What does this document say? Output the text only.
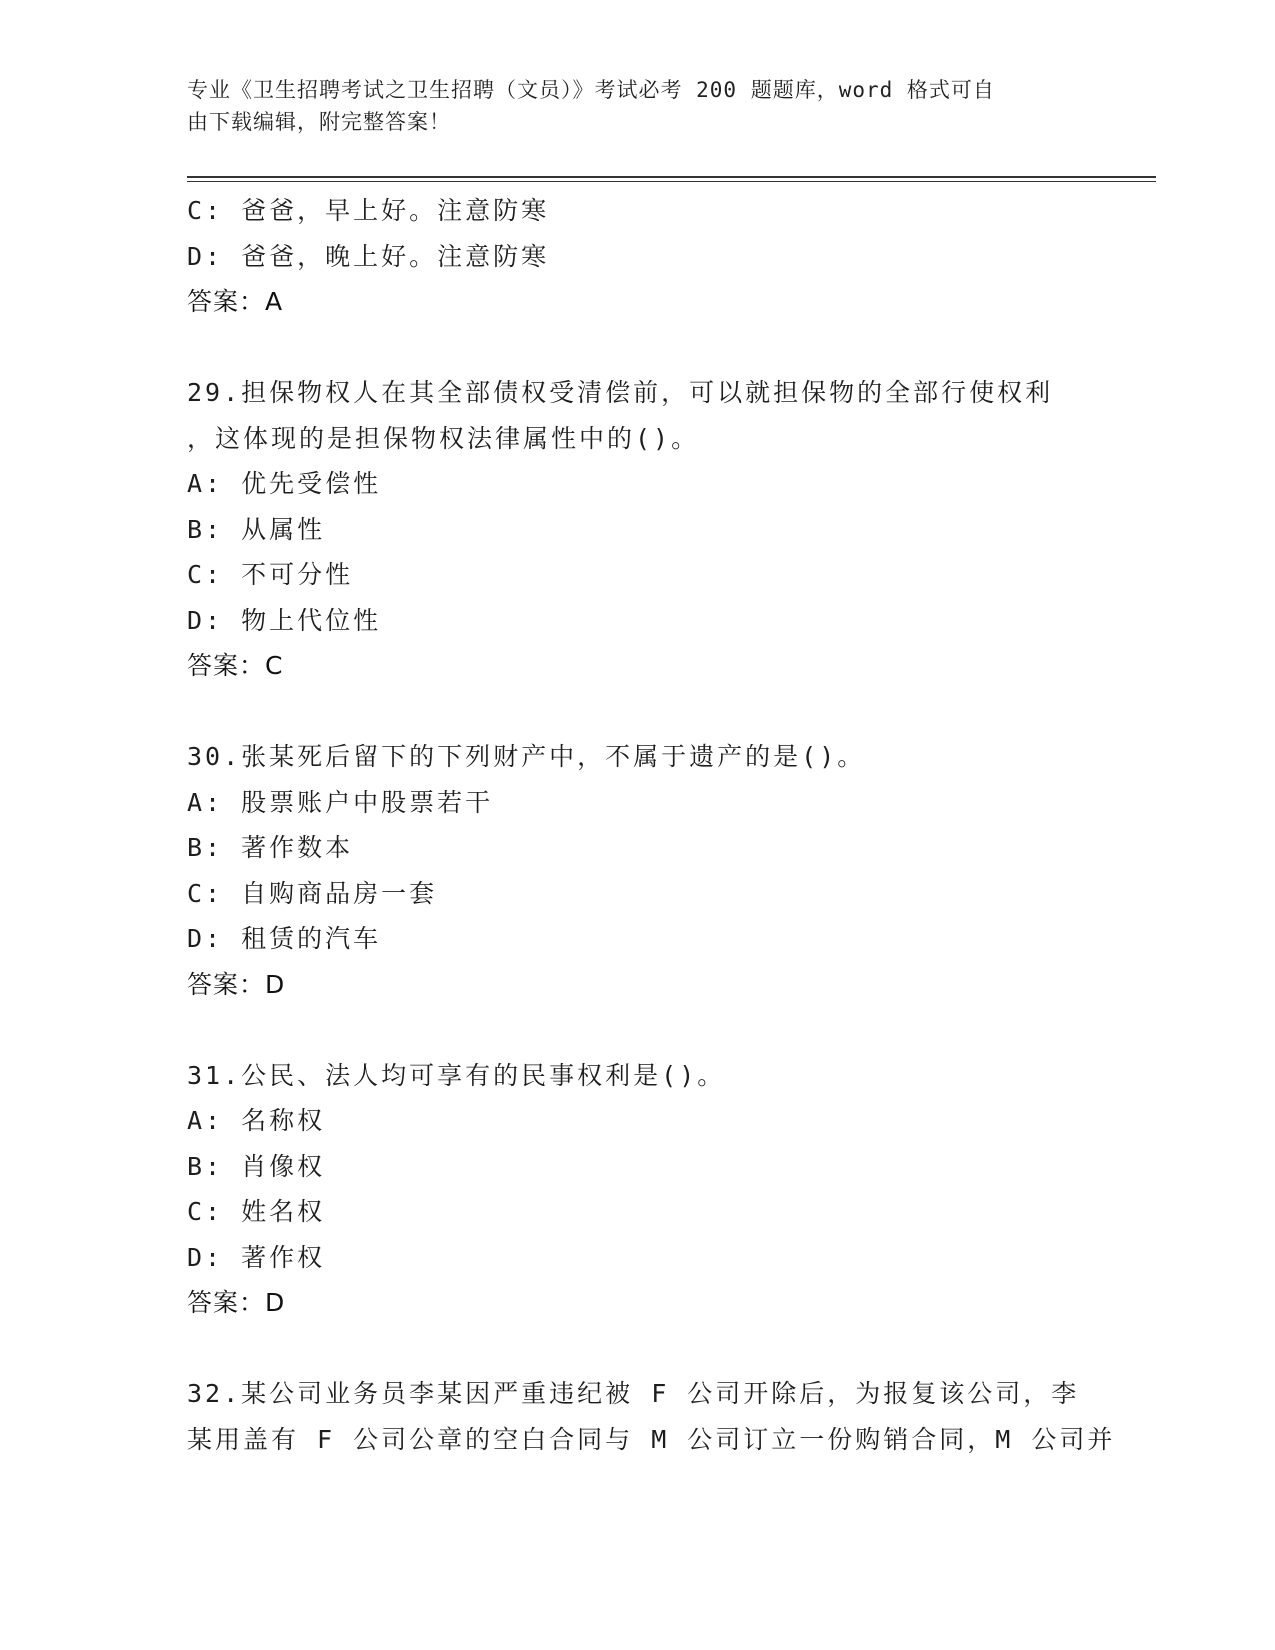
专业《卫生招聘考试之卫生招聘（文员）》考试必考 200 题题库，word 格式可自
由下载编辑，附完整答案！
C: 爸爸，早上好。注意防寒
D: 爸爸，晚上好。注意防寒
答案：A
29.担保物权人在其全部债权受清偿前，可以就担保物的全部行使权利
，这体现的是担保物权法律属性中的()。
A: 优先受偿性
B: 从属性
C: 不可分性
D: 物上代位性
答案：C
30.张某死后留下的下列财产中，不属于遗产的是()。
A: 股票账户中股票若干
B: 著作数本
C: 自购商品房一套
D: 租赁的汽车
答案：D
31.公民、法人均可享有的民事权利是()。
A: 名称权
B: 肖像权
C: 姓名权
D: 著作权
答案：D
32.某公司业务员李某因严重违纪被 F 公司开除后，为报复该公司，李
某用盖有 F 公司公章的空白合同与 M 公司订立一份购销合同，M 公司并
